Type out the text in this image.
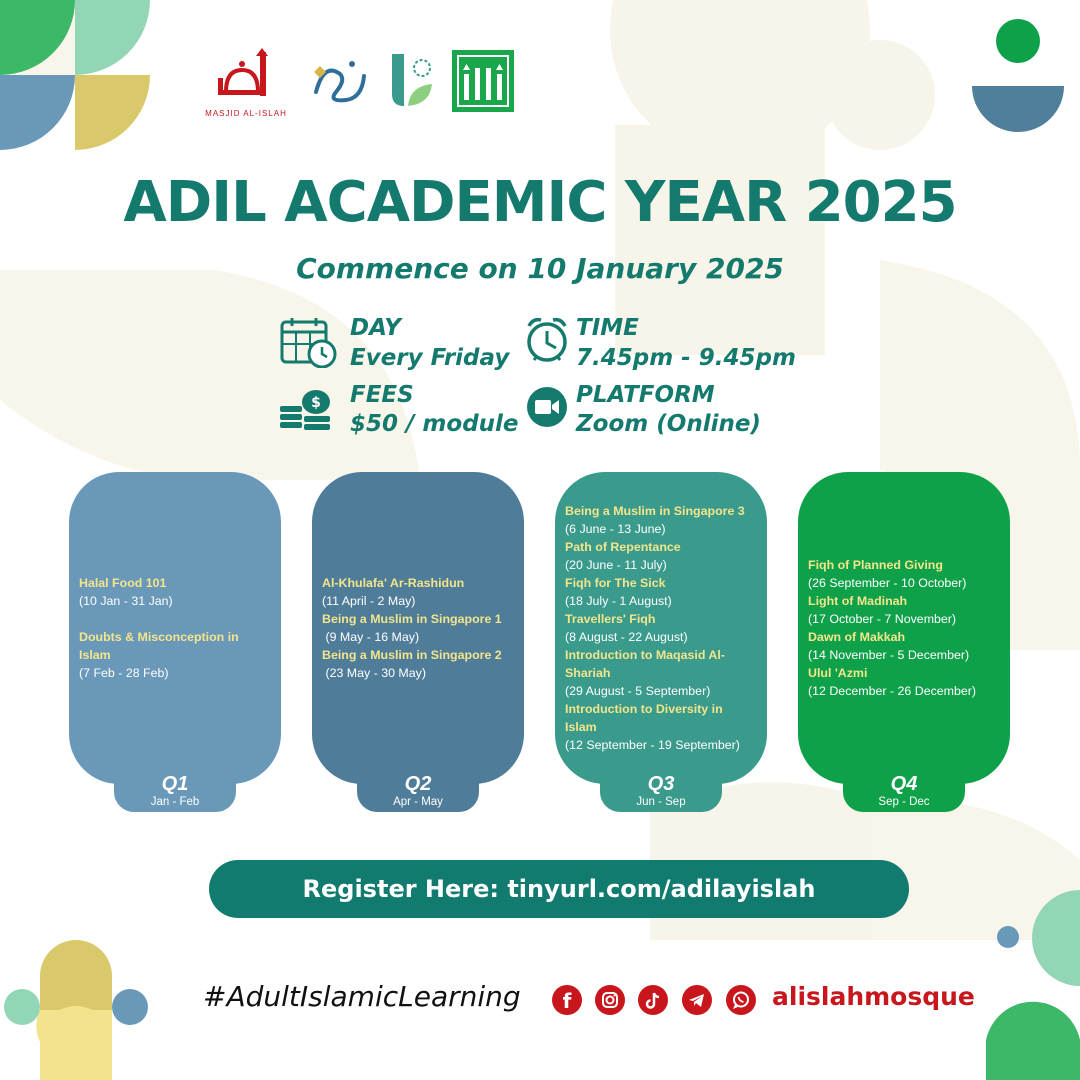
MASJID AL-ISLAH
ADIL ACADEMIC YEAR 2025
Commence on 10 January 2025
DAY
Every Friday
TIME
7.45pm - 9.45pm
$ FEES
$50 / module
PLATFORM
Zoom (Online)
Halal Food 101
(10 Jan - 31 Jan)
Doubts & Misconception in Islam
(7 Feb - 28 Feb)
Q1
Jan - Feb
Al-Khulafa' Ar-Rashidun
(11 April - 2 May)
Being a Muslim in Singapore 1
(9 May - 16 May)
Being a Muslim in Singapore 2
(23 May - 30 May)
Q2
Apr - May
Being a Muslim in Singapore 3
(6 June - 13 June)
Path of Repentance
(20 June - 11 July)
Fiqh for The Sick
(18 July - 1 August)
Travellers' Fiqh
(8 August - 22 August)
Introduction to Maqasid Al-Shariah
(29 August - 5 September)
Introduction to Diversity in Islam
(12 September - 19 September)
Q3
Jun - Sep
Fiqh of Planned Giving
(26 September - 10 October)
Light of Madinah
(17 October - 7 November)
Dawn of Makkah
(14 November - 5 December)
Ulul 'Azmi
(12 December - 26 December)
Q4
Sep - Dec
Register Here: tinyurl.com/adilayislah
#AdultIslamicLearning f	alislahmosque
